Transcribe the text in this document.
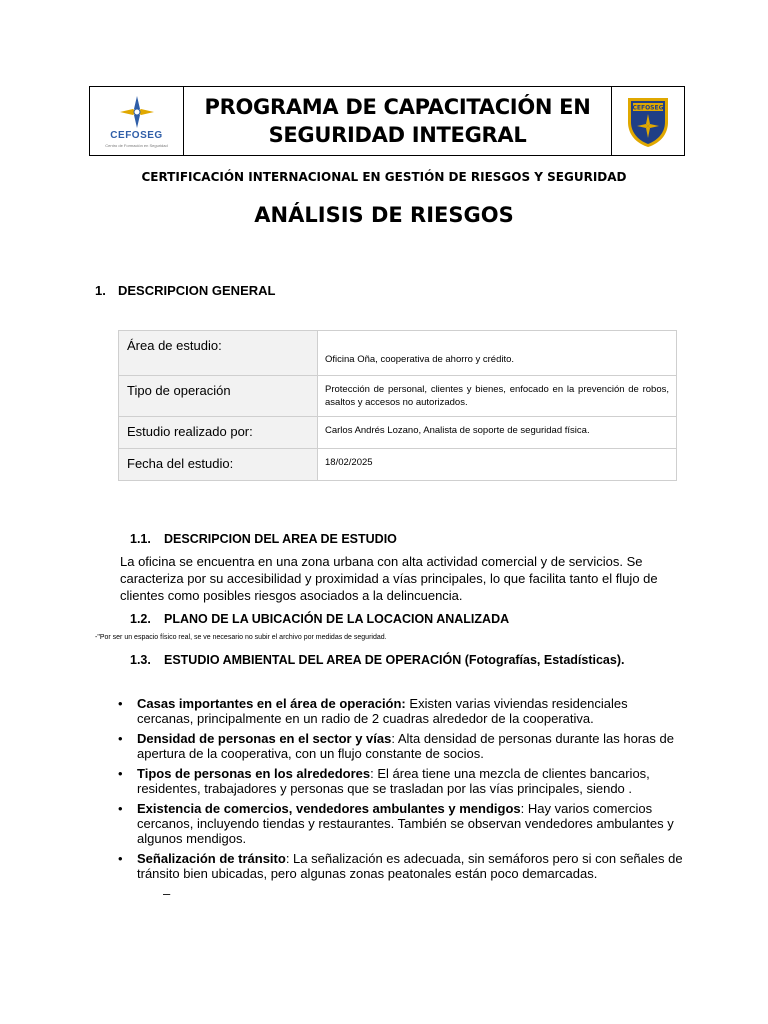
CEFOSEG
Centro de Formación en Seguridad
PROGRAMA DE CAPACITACIÓN EN
SEGURIDAD INTEGRAL
CEFOSEG
CERTIFICACIÓN INTERNACIONAL EN GESTIÓN DE RIESGOS Y SEGURIDAD
ANÁLISIS DE RIESGOS
1. DESCRIPCION GENERAL
Área de estudio:	Oficina Oña, cooperativa de ahorro y crédito.
Tipo de operación	Protección de personal, clientes y bienes, enfocado en la prevención de robos, asaltos y accesos no autorizados.
Estudio realizado por:	Carlos Andrés Lozano, Analista de soporte de seguridad física.
Fecha del estudio:	18/02/2025
1.1. DESCRIPCION DEL AREA DE ESTUDIO
La oficina se encuentra en una zona urbana con alta actividad comercial y de servicios. Se caracteriza por su accesibilidad y proximidad a vías principales, lo que facilita tanto el flujo de clientes como posibles riesgos asociados a la delincuencia.
1.2. PLANO DE LA UBICACIÓN DE LA LOCACION ANALIZADA
-"Por ser un espacio físico real, se ve necesario no subir el archivo por medidas de seguridad.
1.3. ESTUDIO AMBIENTAL DEL AREA DE OPERACIÓN (Fotografías, Estadísticas).
• Casas importantes en el área de operación: Existen varias viviendas residenciales cercanas, principalmente en un radio de 2 cuadras alrededor de la cooperativa.
• Densidad de personas en el sector y vías: Alta densidad de personas durante las horas de apertura de la cooperativa, con un flujo constante de socios.
• Tipos de personas en los alrededores: El área tiene una mezcla de clientes bancarios, residentes, trabajadores y personas que se trasladan por las vías principales, siendo .
• Existencia de comercios, vendedores ambulantes y mendigos: Hay varios comercios cercanos, incluyendo tiendas y restaurantes. También se observan vendedores ambulantes y algunos mendigos.
• Señalización de tránsito: La señalización es adecuada, sin semáforos pero si con señales de tránsito bien ubicadas, pero algunas zonas peatonales están poco demarcadas.
–
